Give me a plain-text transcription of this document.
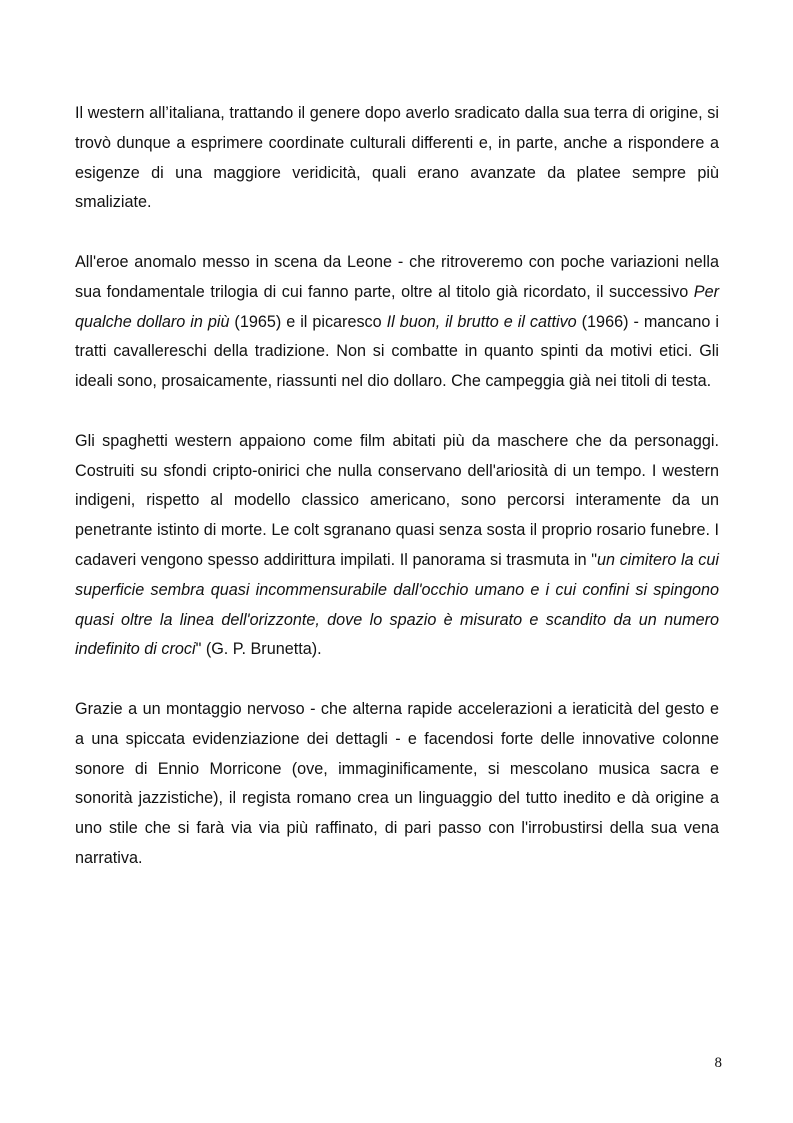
Il western all’italiana, trattando il genere dopo averlo sradicato dalla sua terra di origine, si trovò dunque a esprimere coordinate culturali differenti e, in parte, anche a rispondere a esigenze di una maggiore veridicità, quali erano avanzate da platee sempre più smaliziate.

All'eroe anomalo messo in scena da Leone - che ritroveremo con poche variazioni nella sua fondamentale trilogia di cui fanno parte, oltre al titolo già ricordato, il successivo Per qualche dollaro in più (1965) e il picaresco Il buon, il brutto e il cattivo (1966) - mancano i tratti cavallereschi della tradizione. Non si combatte in quanto spinti da motivi etici. Gli ideali sono, prosaicamente, riassunti nel dio dollaro. Che campeggia già nei titoli di testa.

Gli spaghetti western appaiono come film abitati più da maschere che da personaggi. Costruiti su sfondi cripto-onirici che nulla conservano dell'ariosità di un tempo. I western indigeni, rispetto al modello classico americano, sono percorsi interamente da un penetrante istinto di morte. Le colt sgranano quasi senza sosta il proprio rosario funebre. I cadaveri vengono spesso addirittura impilati. Il panorama si trasmuta in "un cimitero la cui superficie sembra quasi incommensurabile dall'occhio umano e i cui confini si spingono quasi oltre la linea dell'orizzonte, dove lo spazio è misurato e scandito da un numero indefinito di croci" (G. P. Brunetta).

Grazie a un montaggio nervoso - che alterna rapide accelerazioni a ieraticità del gesto e a una spiccata evidenziazione dei dettagli - e facendosi forte delle innovative colonne sonore di Ennio Morricone (ove, immaginificamente, si mescolano musica sacra e sonorità jazzistiche), il regista romano crea un linguaggio del tutto inedito e dà origine a uno stile che si farà via via più raffinato, di pari passo con l'irrobustirsi della sua vena narrativa.

8
